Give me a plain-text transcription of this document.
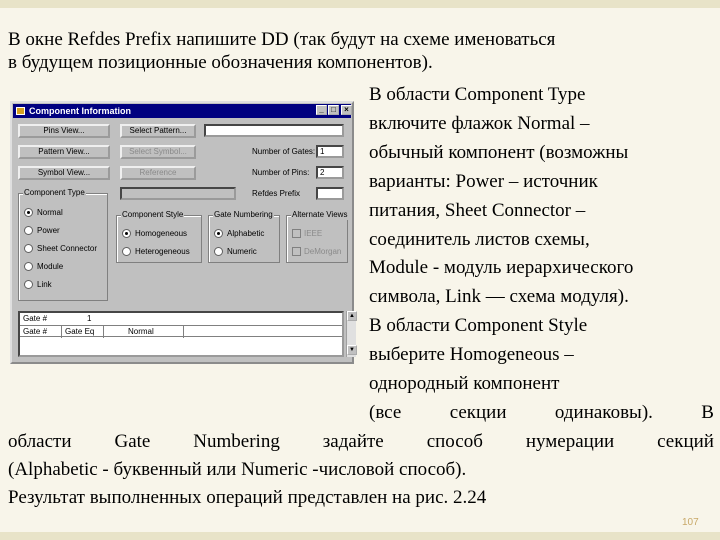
В окне Refdes Prefix напишите DD (так будут на схеме именоваться
в будущем позиционные обозначения компонентов).
В области Component Type
включите флажок Normal –
обычный компонент (возможны
варианты: Power – источник
питания, Sheet Connector –
соединитель листов схемы,
Module - модуль иерархического
символа, Link — схема модуля).
В области Component Style
выберите Homogeneous –
однородный компонент
(все	секции	одинаковы).	В
области Gate Numbering задайте способ нумерации секций
(Alphabetic - буквенный или Numeric -числовой способ).
Результат выполненных операций представлен на рис. 2.24
107
Component Information	_ □	×
Pins View...
Pattern View...
Symbol View...
Select Pattern...
Select Symbol...
Reference
Number of Gates: 1
Number of Pins:	2
Refdes Prefix
Component Type
Normal
Power
Sheet Connector
Module
Link
Component Style
Homogeneous
Heterogeneous
Gate Numbering
Alphabetic
Numeric
Alternate Views
IEEE
DeMorgan
Gate #	1
Gate #	Gate Eq	Normal
▲
▼
